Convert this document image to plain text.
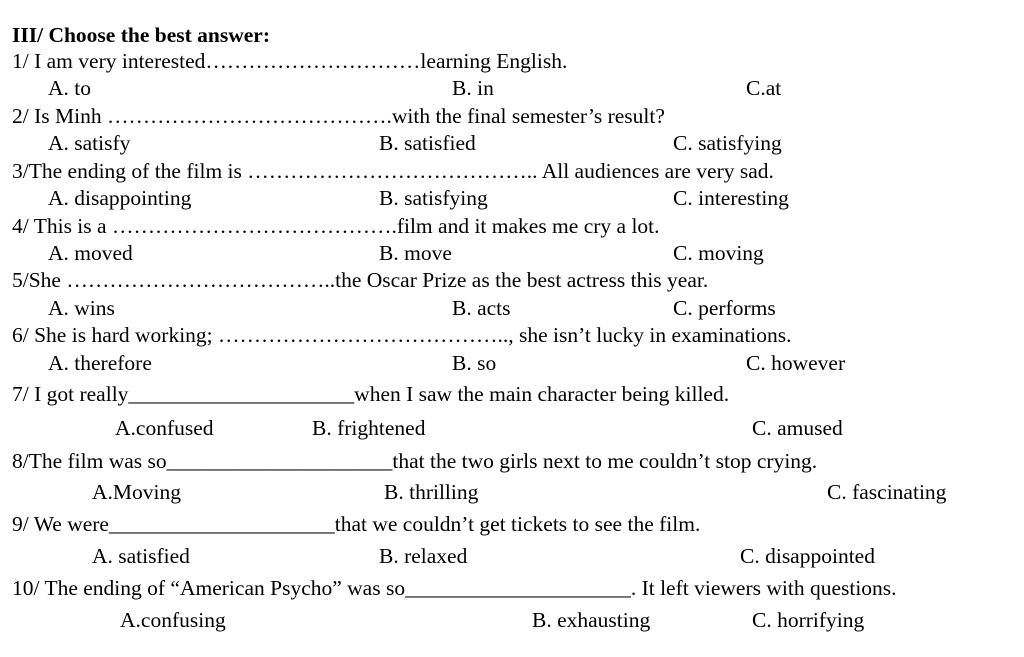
III/ Choose the best answer:
1/ I am very interested…………………………learning English.
A. to	B. in	C.at
2/ Is Minh ………………………………….with the final semester’s result?
A. satisfy	B. satisfied	C. satisfying
3/The ending of the film is ………………………………….. All audiences are very sad.
A. disappointing	B. satisfying	C. interesting
4/ This is a ………………………………….film and it makes me cry a lot.
A. moved	B. move	C. moving
5/She ………………………………..the Oscar Prize as the best actress this year.
A. wins	B. acts	C. performs
6/ She is hard working; ………………………………….., she isn’t lucky in examinations.
A. therefore	B. so	C. however
7/ I got really_____________________when I saw the main character being killed.
A.confused	B. frightened	C. amused
8/The film was so_____________________that the two girls next to me couldn’t stop crying.
A.Moving	B. thrilling	C. fascinating
9/ We were_____________________that we couldn’t get tickets to see the film.
A. satisfied	B. relaxed	C. disappointed
10/ The ending of “American Psycho” was so_____________________. It left viewers with questions.
A.confusing	B. exhausting	C. horrifying
